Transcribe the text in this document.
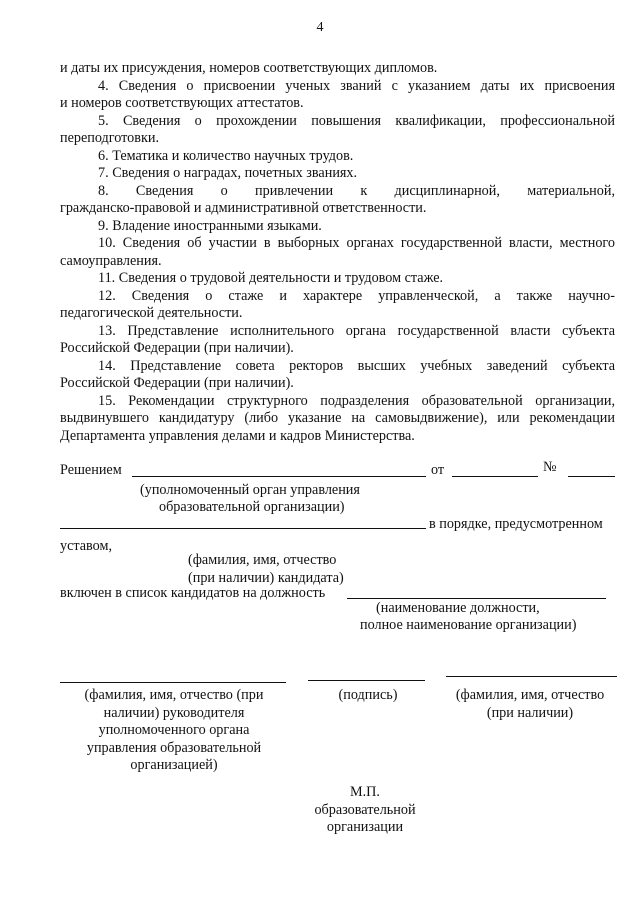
4
и даты их присуждения, номеров соответствующих дипломов.
4. Сведения о присвоении ученых званий с указанием даты их присвоения
и номеров соответствующих аттестатов.
5. Сведения о прохождении повышения квалификации, профессиональной
переподготовки.
6. Тематика и количество научных трудов.
7. Сведения о наградах, почетных званиях.
8. Сведения о привлечении к дисциплинарной, материальной,
гражданско-правовой и административной ответственности.
9. Владение иностранными языками.
10. Сведения об участии в выборных органах государственной власти, местного
самоуправления.
11. Сведения о трудовой деятельности и трудовом стаже.
12. Сведения о стаже и характере управленческой, а также научно-
педагогической деятельности.
13. Представление исполнительного органа государственной власти субъекта
Российской Федерации (при наличии).
14. Представление совета ректоров высших учебных заведений субъекта
Российской Федерации (при наличии).
15. Рекомендации структурного подразделения образовательной организации,
выдвинувшего кандидатуру (либо указание на самовыдвижение), или рекомендации
Департамента управления делами и кадров Министерства.
Решением	от	№
(уполномоченный орган управления
образовательной организации)
в порядке, предусмотренном
уставом,
(фамилия, имя, отчество
(при наличии) кандидата)
включен в список кандидатов на должность
(наименование должности,
полное наименование организации)
(фамилия, имя, отчество (при
наличии) руководителя
уполномоченного органа
управления образовательной
организацией)
(подпись)	(фамилия, имя, отчество
(при наличии)
М.П.
образовательной
организации
